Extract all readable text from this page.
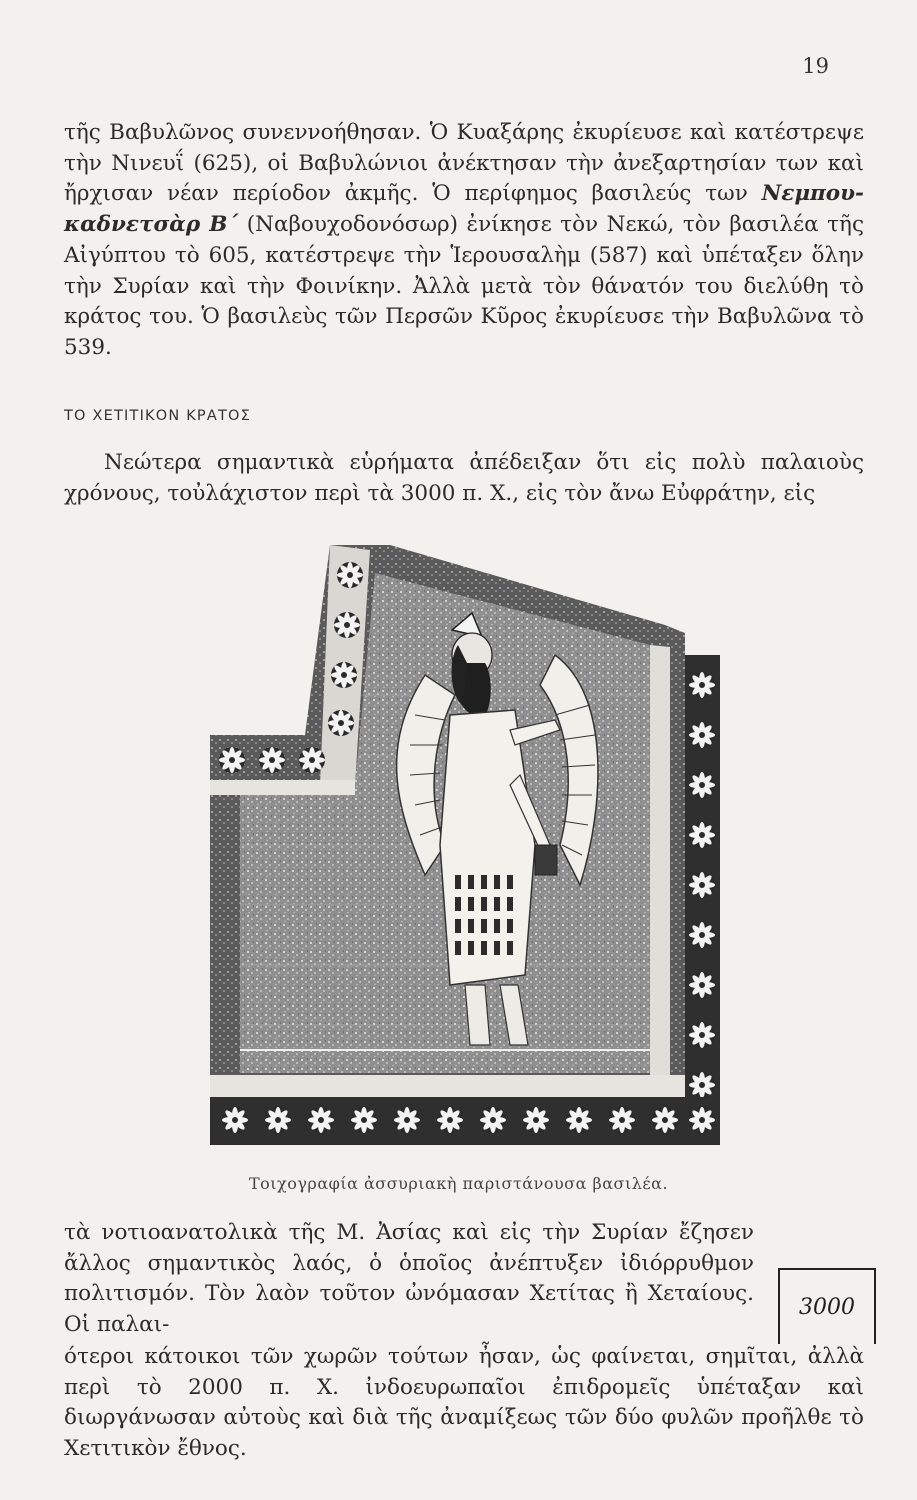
19
τῆς Βαβυλῶνος συνεννοήθησαν. Ὁ Κυαξάρης ἐκυρίευσε καὶ κατέστρεψε τὴν Νινευΐ (625), οἱ Βαβυλώνιοι ἀνέκτησαν τὴν ἀνεξαρτησίαν των καὶ ἤρχισαν νέαν περίοδον ἀκμῆς. Ὁ περίφημος βασιλεύς των Νεμπου-καδνετσὰρ Β΄ (Ναβουχοδονόσωρ) ἐνίκησε τὸν Νεκώ, τὸν βασιλέα τῆς Αἰγύπτου τὸ 605, κατέστρεψε τὴν Ἱερουσαλὴμ (587) καὶ ὑπέταξεν ὅλην τὴν Συρίαν καὶ τὴν Φοινίκην. Ἀλλὰ μετὰ τὸν θάνατόν του διελύθη τὸ κράτος του. Ὁ βασιλεὺς τῶν Περσῶν Κῦρος ἐκυρίευσε τὴν Βαβυλῶνα τὸ 539.
ΤΟ ΧΕΤΙΤΙΚΟΝ ΚΡΑΤΟΣ
Νεώτερα σημαντικὰ εὑρήματα ἀπέδειξαν ὅτι εἰς πολὺ παλαιοὺς χρόνους, τοὐλάχιστον περὶ τὰ 3000 π. Χ., εἰς τὸν ἄνω Εὐφράτην, εἰς
Τοιχογραφία ἀσσυριακὴ παριστάνουσα βασιλέα.
τὰ νοτιοανατολικὰ τῆς Μ. Ἀσίας καὶ εἰς τὴν Συρίαν ἔζησεν ἄλλος σημαντικὸς λαός, ὁ ὁποῖος ἀνέπτυξεν ἰδιόρρυθμον πολιτισμόν. Τὸν λαὸν τοῦτον ὠνόμασαν Χετίτας ἢ Χεταίους. Οἱ παλαι-
ότεροι κάτοικοι τῶν χωρῶν τούτων ἦσαν, ὡς φαίνεται, σημῖται, ἀλλὰ περὶ τὸ 2000 π. Χ. ἰνδοευρωπαῖοι ἐπιδρομεῖς ὑπέταξαν καὶ διωργάνωσαν αὐτοὺς καὶ διὰ τῆς ἀναμίξεως τῶν δύο φυλῶν προῆλθε τὸ Χετιτικὸν ἔθνος.
3000
